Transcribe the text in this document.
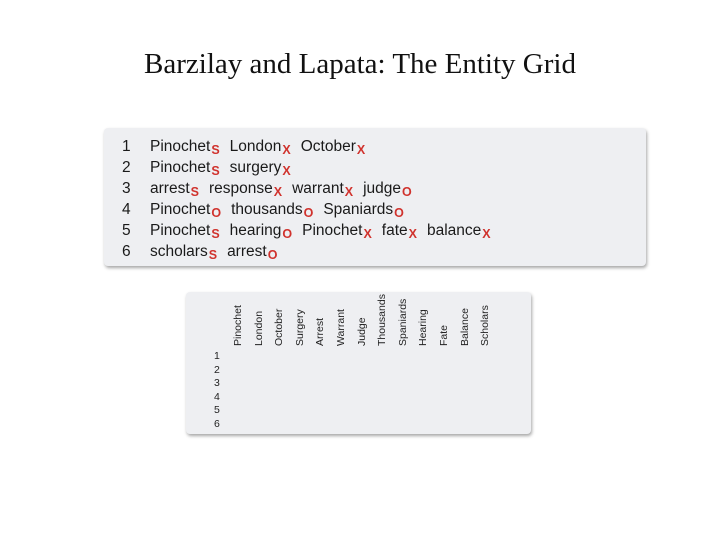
Barzilay and Lapata: The Entity Grid
1	PinochetS LondonX OctoberX
2	PinochetS surgeryX
3	arrestS responseX warrantX judgeO
4	PinochetO thousandsO SpaniardsO
5	PinochetS hearingO PinochetX fateX balanceX
6	scholarsS arrestO
Pinochet London October Surgery Arrest Warrant Judge Thousands Spaniards Hearing Fate Balance Scholars
1
2
3
4
5
6
